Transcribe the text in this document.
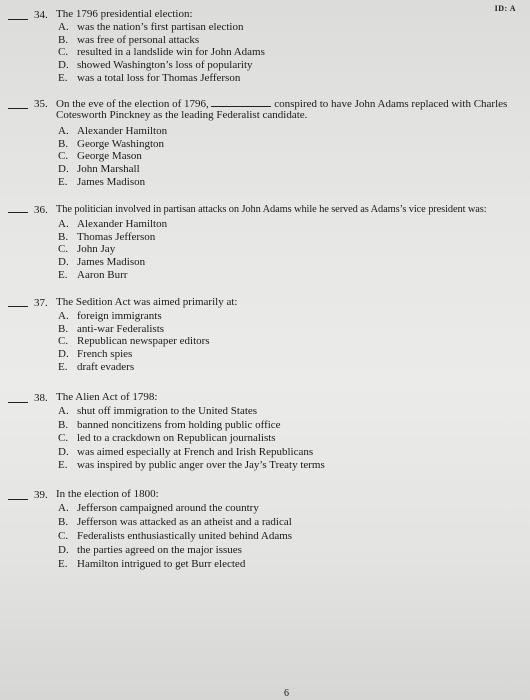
ID: A
34. The 1796 presidential election:
A. was the nation’s first partisan election
B. was free of personal attacks
C. resulted in a landslide win for John Adams
D. showed Washington’s loss of popularity
E. was a total loss for Thomas Jefferson
35. On the eve of the election of 1796,	conspired to have John Adams replaced with Charles Cotesworth Pinckney as the leading Federalist candidate.
A. Alexander Hamilton
B. George Washington
C. George Mason
D. John Marshall
E. James Madison
36. The politician involved in partisan attacks on John Adams while he served as Adams’s vice president was:
A. Alexander Hamilton
B. Thomas Jefferson
C. John Jay
D. James Madison
E. Aaron Burr
37. The Sedition Act was aimed primarily at:
A. foreign immigrants
B. anti-war Federalists
C. Republican newspaper editors
D. French spies
E. draft evaders
38. The Alien Act of 1798:
A. shut off immigration to the United States
B. banned noncitizens from holding public office
C. led to a crackdown on Republican journalists
D. was aimed especially at French and Irish Republicans
E. was inspired by public anger over the Jay’s Treaty terms
39. In the election of 1800:
A. Jefferson campaigned around the country
B. Jefferson was attacked as an atheist and a radical
C. Federalists enthusiastically united behind Adams
D. the parties agreed on the major issues
E. Hamilton intrigued to get Burr elected
6
